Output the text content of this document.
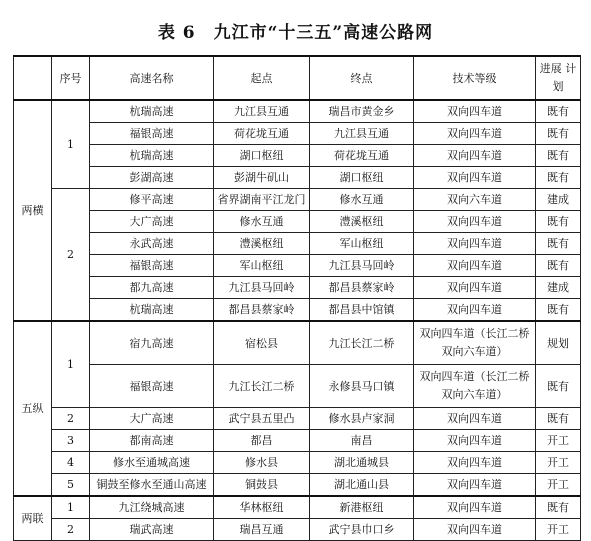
表 6　九江市“十三五”高速公路网
	序号	高速名称	起点	终点	技术等级	进展 计划
两横	1	杭瑞高速	九江县互通	瑞昌市黄金乡	双向四车道	既有
		福银高速	荷花垅互通	九江县互通	双向四车道	既有
		杭瑞高速	湖口枢纽	荷花垅互通	双向四车道	既有
		彭湖高速	彭湖牛矶山	湖口枢纽	双向四车道	既有
	2	修平高速	省界湖南平江龙门	修水互通	双向六车道	建成
		大广高速	修水互通	澧溪枢纽	双向四车道	既有
		永武高速	澧溪枢纽	军山枢纽	双向四车道	既有
		福银高速	军山枢纽	九江县马回岭	双向四车道	既有
		都九高速	九江县马回岭	都昌县蔡家岭	双向四车道	建成
		杭瑞高速	都昌县蔡家岭	都昌县中馆镇	双向四车道	既有
五纵	1	宿九高速	宿松县	九江长江二桥	双向四车道（长江二桥双向六车道）	规划
		福银高速	九江长江二桥	永修县马口镇	双向四车道（长江二桥双向六车道）	既有
	2	大广高速	武宁县五里凸	修水县卢家洞	双向四车道	既有
	3	都南高速	都昌	南昌	双向四车道	开工
	4	修水至通城高速	修水县	湖北通城县	双向四车道	开工
	5	铜鼓至修水至通山高速	铜鼓县	湖北通山县	双向四车道	开工
两联	1	九江绕城高速	华林枢纽	新港枢纽	双向四车道	既有
	2	瑞武高速	瑞昌互通	武宁县巾口乡	双向四车道	开工
